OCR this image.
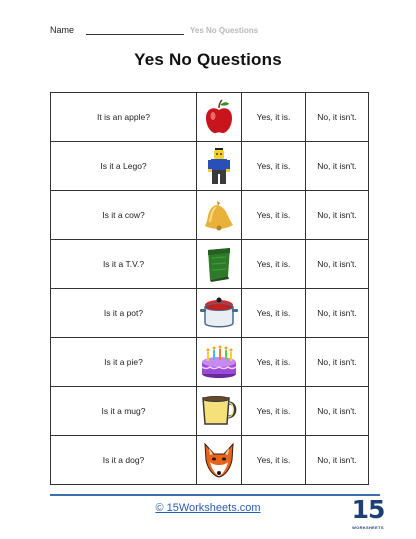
Name	Yes No Questions
Yes No Questions
It is an apple?		Yes, it is.	No, it isn't.
Is it a Lego?		Yes, it is.	No, it isn't.
Is it a cow?		Yes, it is.	No, it isn't.
Is it a T.V.?		Yes, it is.	No, it isn't.
Is it a pot?		Yes, it is.	No, it isn't.
Is it a pie?		Yes, it is.	No, it isn't.
Is it a mug?		Yes, it is.	No, it isn't.
Is it a dog?		Yes, it is.	No, it isn't.
© 15Worksheets.com	15
WORKSHEETS
